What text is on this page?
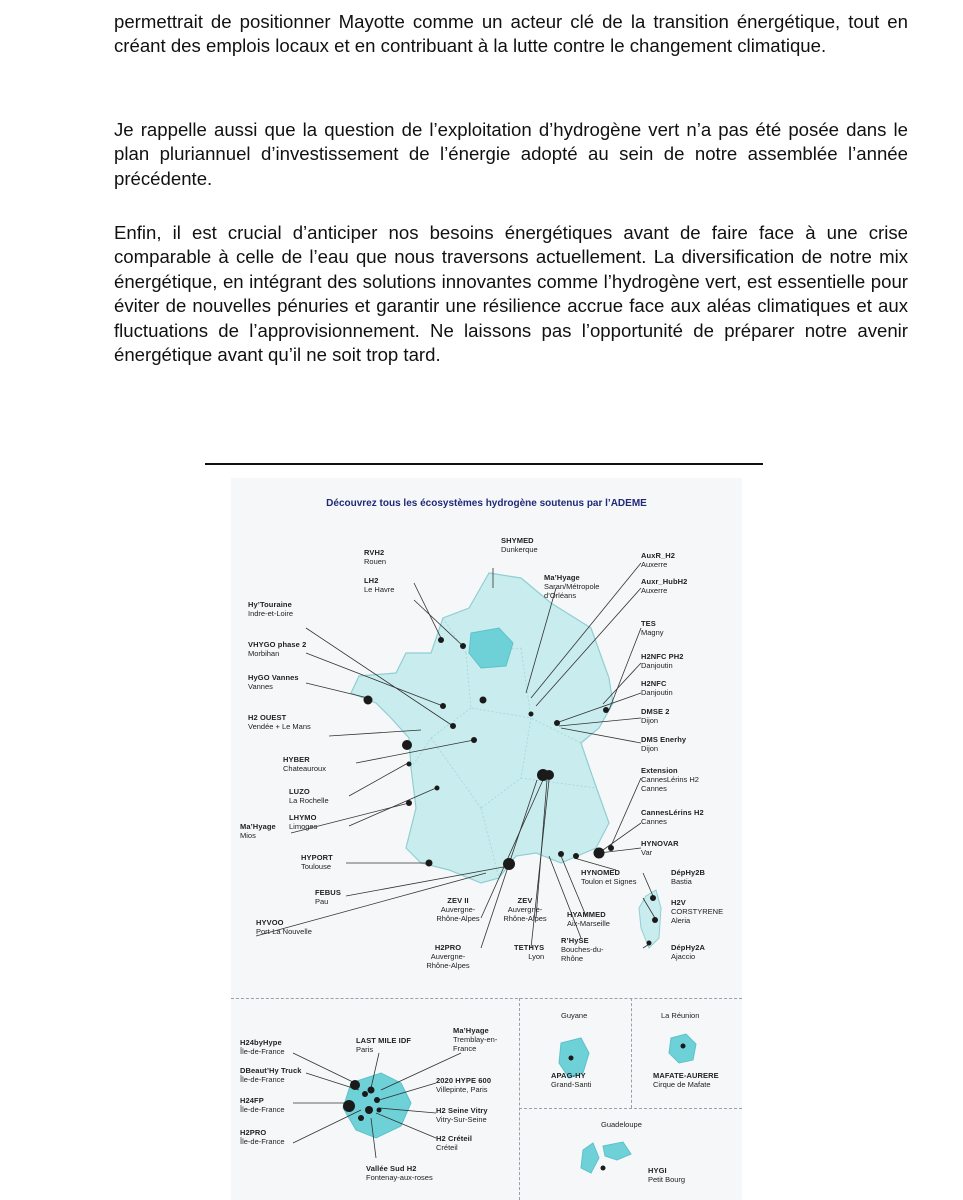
permettrait de positionner Mayotte comme un acteur clé de la transition énergétique, tout en créant des emplois locaux et en contribuant à la lutte contre le changement climatique.

Je rappelle aussi que la question de l’exploitation d’hydrogène vert n’a pas été posée dans le plan pluriannuel d’investissement de l’énergie adopté au sein de notre assemblée l’année précédente.

Enfin, il est crucial d’anticiper nos besoins énergétiques avant de faire face à une crise comparable à celle de l’eau que nous traversons actuellement. La diversification de notre mix énergétique, en intégrant des solutions innovantes comme l’hydrogène vert, est essentielle pour éviter de nouvelles pénuries et garantir une résilience accrue face aux aléas climatiques et aux fluctuations de l’approvisionnement. Ne laissons pas l’opportunité de préparer notre avenir énergétique avant qu’il ne soit trop tard.

Découvrez tous les écosystèmes hydrogène soutenus par l’ADEME
RVH2
Rouen
LH2
Le Havre
SHYMED
Dunkerque
Ma’Hyage
Saran/Métropole d’Orléans
AuxR_H2
Auxerre
Auxr_HubH2
Auxerre
Hy’Touraine
Indre-et-Loire
TES
Magny
VHYGO phase 2
Morbihan	H2NFC PH2
Danjoutin
HyGO Vannes
Vannes	H2NFC
Danjoutin
H2 OUEST
Vendée + Le Mans
DMSE 2
Dijon
DMS Enerhy
Dijon
HYBER
Chateauroux
LUZO
La Rochelle
Extension
CannesLérins H2 Cannes
LHYMO
Limoges
Ma’Hyage
Mios
CannesLérins H2
Cannes
HYNOVAR
Var
HYPORT
Toulouse
FEBUS
Pau
HYNOMED
Toulon et Signes
DépHy2B
Bastia
H2V
CORSTYRENE Aleria
ZEV II
Auvergne-Rhône-Alpes
ZEV
Auvergne-Rhône-Alpes	HYAMMED
Aix-Marseille
HYVOO
Port-La Nouvelle
DépHy2A
Ajaccio
H2PRO
Auvergne-Rhône-Alpes
TETHYS
Lyon
R’HySE
Bouches-du-Rhône
H24byHype
Île-de-France
LAST MILE IDF
Paris
Ma’Hyage
Tremblay-en-France
DBeaut’Hy Truck
Île-de-France	2020 HYPE 600
Villepinte, Paris
H24FP
Île-de-France	H2 Seine Vitry
Vitry-Sur-Seine
H2PRO
Île-de-France	H2 Créteil
Créteil
Vallée Sud H2
Fontenay-aux-roses
Guyane
APAG-HY
Grand-Santi
La Réunion
MAFATE-AURERE
Cirque de Mafate
Guadeloupe
HYGI
Petit Bourg
